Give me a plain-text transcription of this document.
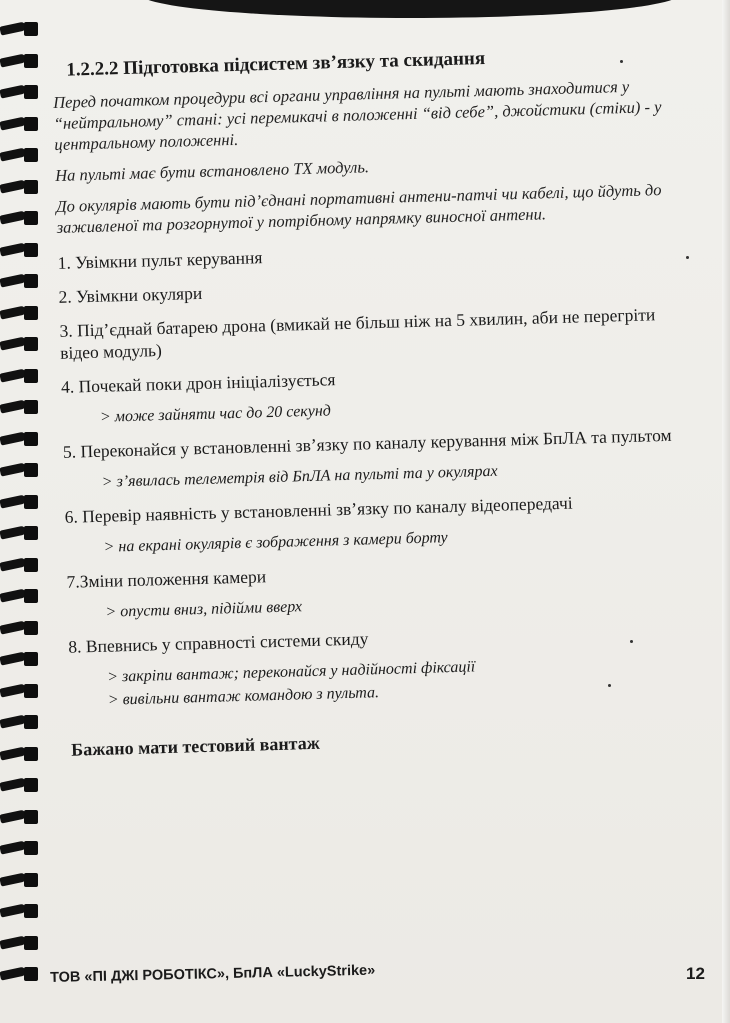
1.2.2.2 Підготовка підсистем зв’язку та скидання

Перед початком процедури всі органи управління на пульті мають знаходитися у “нейтральному” стані: усі перемикачі в положенні “від себе”, джойстики (стіки) - у центральному положенні.

На пульті має бути встановлено TX модуль.

До окулярів мають бути під’єднані портативні антени-патчі чи кабелі, що йдуть до заживленої та розгорнутої у потрібному напрямку виносної антени.

1. Увімкни пульт керування
2. Увімкни окуляри
3. Під’єднай батарею дрона (вмикай не більш ніж на 5 хвилин, аби не перегріти відео модуль)
4. Почекай поки дрон ініціалізується
> може зайняти час до 20 секунд
5. Переконайся у встановленні зв’язку по каналу керування між БпЛА та пультом
> з’явилась телеметрія від БпЛА на пульті та у окулярах
6. Перевір наявність у встановленні зв’язку по каналу відеопередачі
> на екрані окулярів є зображення з камери борту
7.Зміни положення камери
> опусти вниз, підійми вверх
8. Впевнись у справності системи скиду
> закріпи вантаж; переконайся у надійності фіксації
> вивільни вантаж командою з пульта.
Бажано мати тестовий вантаж
ТОВ «ПІ ДЖІ РОБОТІКС», БпЛА «LuckyStrike»	12
